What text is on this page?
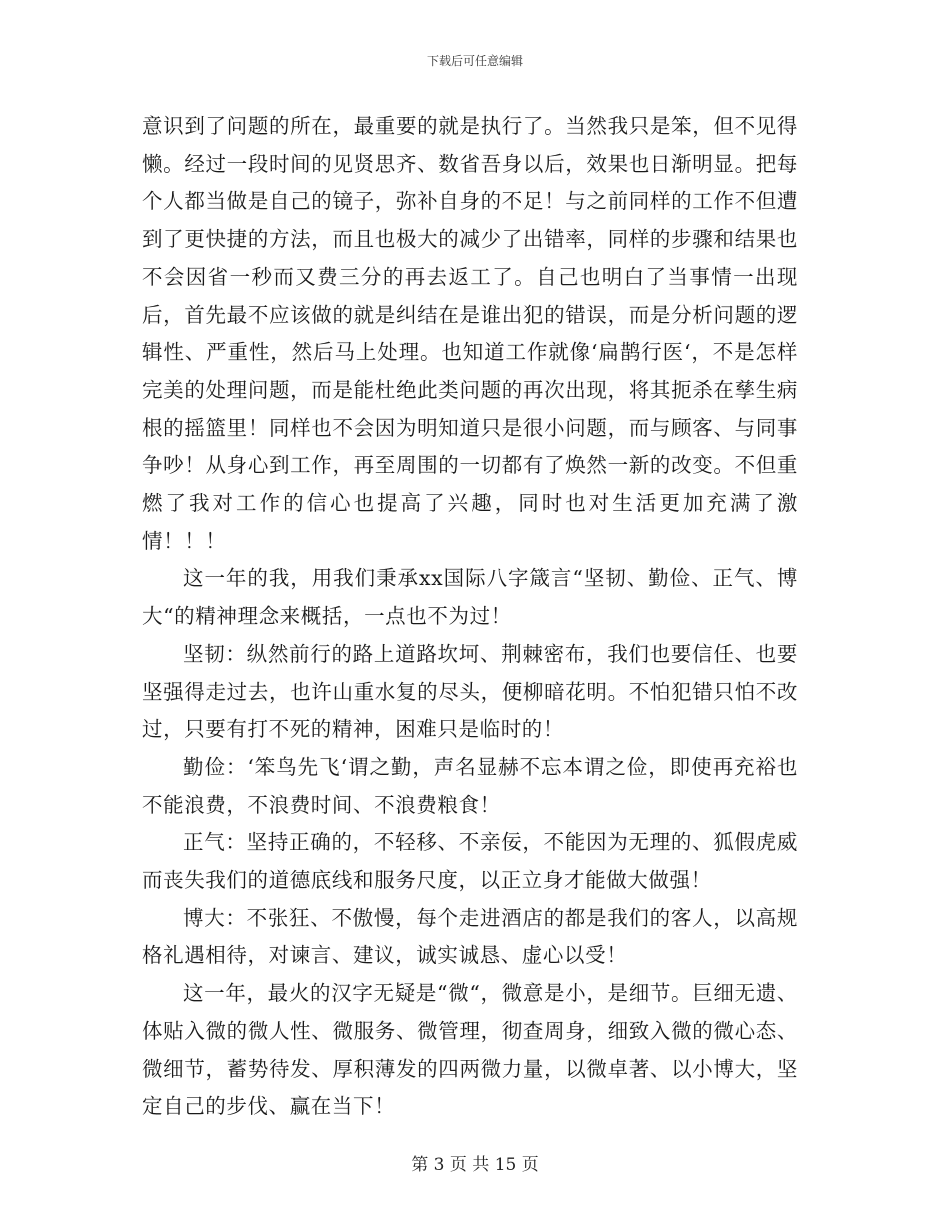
下载后可任意编辑

意识到了问题的所在，最重要的就是执行了。当然我只是笨，但不见得懒。经过一段时间的见贤思齐、数省吾身以后，效果也日渐明显。把每个人都当做是自己的镜子，弥补自身的不足！与之前同样的工作不但遭到了更快捷的方法，而且也极大的减少了出错率，同样的步骤和结果也不会因省一秒而又费三分的再去返工了。自己也明白了当事情一出现后，首先最不应该做的就是纠结在是谁出犯的错误，而是分析问题的逻辑性、严重性，然后马上处理。也知道工作就像‘扁鹊行医‘，不是怎样完美的处理问题，而是能杜绝此类问题的再次出现，将其扼杀在孳生病根的摇篮里！同样也不会因为明知道只是很小问题，而与顾客、与同事争吵！从身心到工作，再至周围的一切都有了焕然一新的改变。不但重燃了我对工作的信心也提高了兴趣，同时也对生活更加充满了激情！！！

这一年的我，用我们秉承xx国际八字箴言“坚韧、勤俭、正气、博大“的精神理念来概括，一点也不为过！

坚韧：纵然前行的路上道路坎坷、荆棘密布，我们也要信任、也要坚强得走过去，也许山重水复的尽头，便柳暗花明。不怕犯错只怕不改过，只要有打不死的精神，困难只是临时的！

勤俭：‘笨鸟先飞‘谓之勤，声名显赫不忘本谓之俭，即使再充裕也不能浪费，不浪费时间、不浪费粮食！

正气：坚持正确的，不轻移、不亲佞，不能因为无理的、狐假虎威而丧失我们的道德底线和服务尺度，以正立身才能做大做强！

博大：不张狂、不傲慢，每个走进酒店的都是我们的客人，以高规格礼遇相待，对谏言、建议，诚实诚恳、虚心以受！

这一年，最火的汉字无疑是“微“，微意是小，是细节。巨细无遗、体贴入微的微人性、微服务、微管理，彻查周身，细致入微的微心态、微细节，蓄势待发、厚积薄发的四两微力量，以微卓著、以小博大，坚定自己的步伐、赢在当下！

第 3 页 共 15 页
